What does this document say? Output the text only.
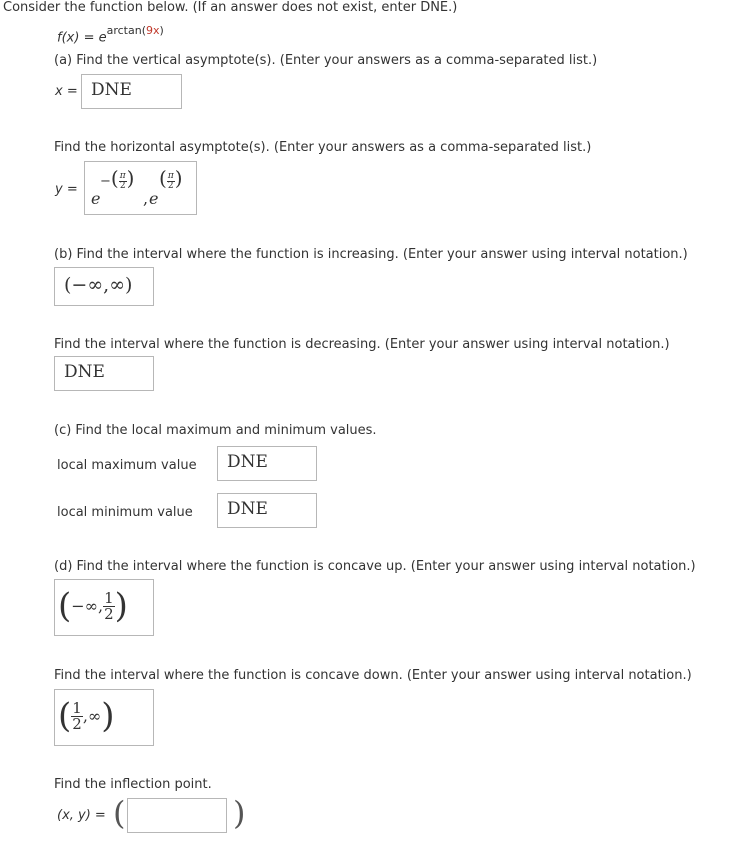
Consider the function below. (If an answer does not exist, enter DNE.)
$f(x) = e^{arctan(9x)}$
(a) Find the vertical asymptote(s). (Enter your answers as a comma-separated list.)
x = DNE
Find the horizontal asymptote(s). (Enter your answers as a comma-separated list.)
y = e
−( $\frac{\pi}{2}$ )
, e
( $\frac{\pi}{2}$ )
(b) Find the interval where the function is increasing. (Enter your answer using interval notation.)
(−∞,∞)
Find the interval where the function is decreasing. (Enter your answer using interval notation.)
DNE
(c) Find the local maximum and minimum values.
local maximum value DNE
local minimum value DNE
(d) Find the interval where the function is concave up. (Enter your answer using interval notation.)
(−∞, $\frac{1}{2}$ )
Find the interval where the function is concave down. (Enter your answer using interval notation.)
( $\frac{1}{2}$ ,∞)
Find the inflection point.
(x, y) = (	)
